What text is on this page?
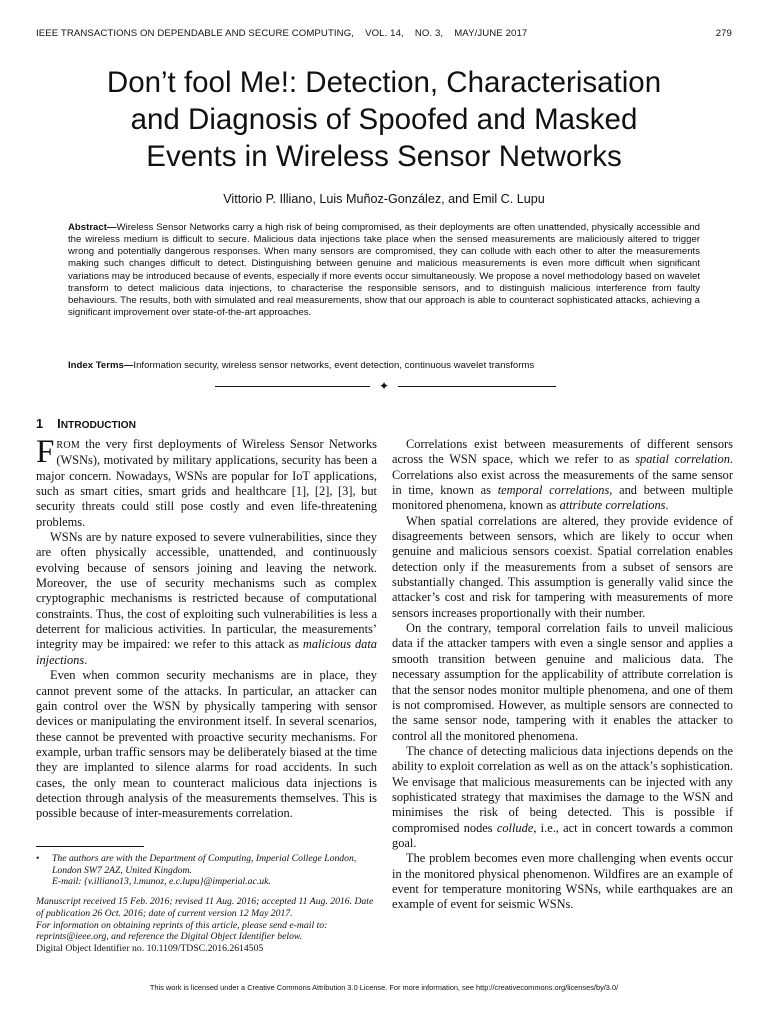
IEEE TRANSACTIONS ON DEPENDABLE AND SECURE COMPUTING,    VOL. 14,    NO. 3,    MAY/JUNE 2017	279
Don’t fool Me!: Detection, Characterisation
and Diagnosis of Spoofed and Masked
Events in Wireless Sensor Networks
Vittorio P. Illiano, Luis Muñoz-González, and Emil C. Lupu
Abstract—Wireless Sensor Networks carry a high risk of being compromised, as their deployments are often unattended, physically accessible and the wireless medium is difficult to secure. Malicious data injections take place when the sensed measurements are maliciously altered to trigger wrong and potentially dangerous responses. When many sensors are compromised, they can collude with each other to alter the measurements making such changes difficult to detect. Distinguishing between genuine and malicious measurements is even more difficult when significant variations may be introduced because of events, especially if more events occur simultaneously. We propose a novel methodology based on wavelet transform to detect malicious data injections, to characterise the responsible sensors, and to distinguish malicious interference from faulty behaviours. The results, both with simulated and real measurements, show that our approach is able to counteract sophisticated attacks, achieving a significant improvement over state-of-the-art approaches.
Index Terms—Information security, wireless sensor networks, event detection, continuous wavelet transforms
✦
1 INTRODUCTION

FROM the very first deployments of Wireless Sensor Networks (WSNs), motivated by military applications, security has been a major concern. Nowadays, WSNs are popular for IoT applications, such as smart cities, smart grids and healthcare [1], [2], [3], but security threats could still pose costly and even life-threatening problems.

WSNs are by nature exposed to severe vulnerabilities, since they are often physically accessible, unattended, and continuously evolving because of sensors joining and leaving the network. Moreover, the use of security mechanisms such as complex cryptographic mechanisms is restricted because of computational constraints. Thus, the cost of exploiting such vulnerabilities is less a deterrent for malicious activities. In particular, the measurements’ integrity may be impaired: we refer to this attack as malicious data injections.

Even when common security mechanisms are in place, they cannot prevent some of the attacks. In particular, an attacker can gain control over the WSN by physically tampering with sensor devices or manipulating the environment itself. In several scenarios, these cannot be prevented with proactive security mechanisms. For example, urban traffic sensors may be deliberately biased at the time they are implanted to silence alarms for road accidents. In such cases, the only mean to counteract malicious data injections is detection through analysis of the measurements themselves. This is possible because of inter-measurements correlation.

•	The authors are with the Department of Computing, Imperial College London, London SW7 2AZ, United Kingdom.
E-mail: {v.illiano13, l.munoz, e.c.lupu}@imperial.ac.uk.
Manuscript received 15 Feb. 2016; revised 11 Aug. 2016; accepted 11 Aug. 2016. Date of publication 26 Oct. 2016; date of current version 12 May 2017.
For information on obtaining reprints of this article, please send e-mail to: reprints@ieee.org, and reference the Digital Object Identifier below.
Digital Object Identifier no. 10.1109/TDSC.2016.2614505

Correlations exist between measurements of different sensors across the WSN space, which we refer to as spatial correlation. Correlations also exist across the measurements of the same sensor in time, known as temporal correlations, and between multiple monitored phenomena, known as attribute correlations.

When spatial correlations are altered, they provide evidence of disagreements between sensors, which are likely to occur when genuine and malicious sensors coexist. Spatial correlation enables detection only if the measurements from a subset of sensors are substantially changed. This assumption is generally valid since the attacker’s cost and risk for tampering with measurements of more sensors increases proportionally with their number.

On the contrary, temporal correlation fails to unveil malicious data if the attacker tampers with even a single sensor and applies a smooth transition between genuine and malicious data. The necessary assumption for the applicability of attribute correlation is that the sensor nodes monitor multiple phenomena, and one of them is not compromised. However, as multiple sensors are connected to the same sensor node, tampering with it enables the attacker to control all the monitored phenomena.

The chance of detecting malicious data injections depends on the ability to exploit correlation as well as on the attack’s sophistication. We envisage that malicious measurements can be injected with any sophisticated strategy that maximises the damage to the WSN and minimises the risk of being detected. This is possible if compromised nodes collude, i.e., act in concert towards a common goal.

The problem becomes even more challenging when events occur in the monitored physical phenomenon. Wildfires are an example of event for temperature monitoring WSNs, while earthquakes are an example of event for seismic WSNs.

This work is licensed under a Creative Commons Attribution 3.0 License. For more information, see http://creativecommons.org/licenses/by/3.0/
